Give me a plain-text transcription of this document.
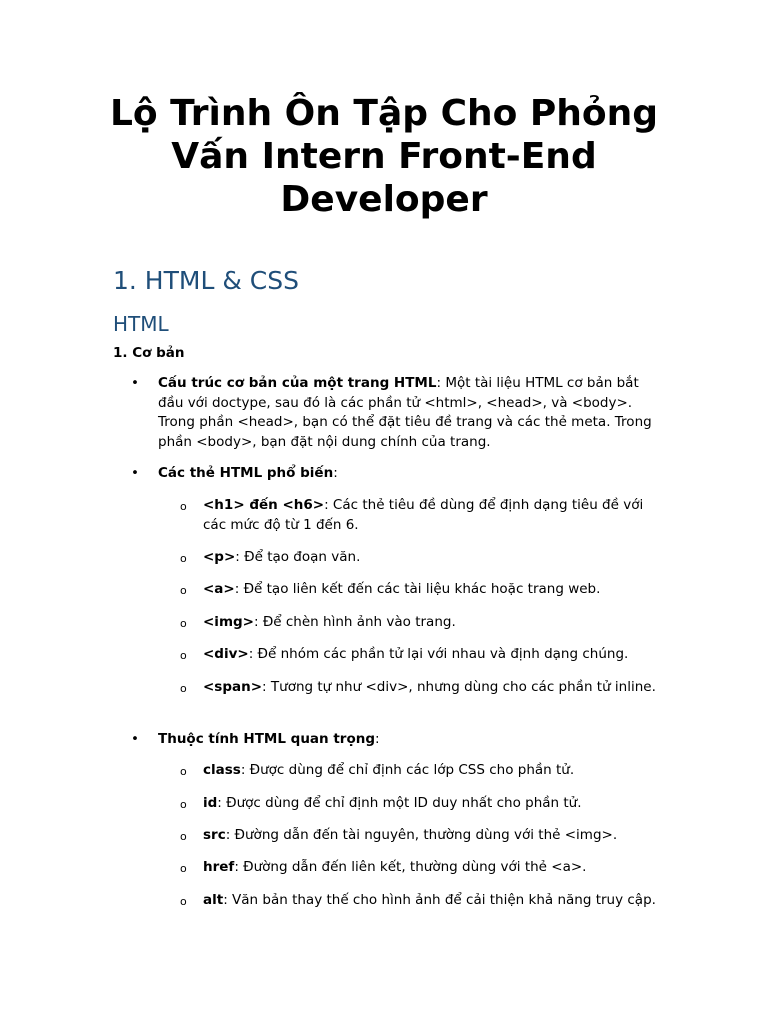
Lộ Trình Ôn Tập Cho Phỏng Vấn Intern Front-End Developer
1. HTML & CSS
HTML
1. Cơ bản
• Cấu trúc cơ bản của một trang HTML: Một tài liệu HTML cơ bản bắt đầu với doctype, sau đó là các phần tử <html>, <head>, và <body>. Trong phần <head>, bạn có thể đặt tiêu đề trang và các thẻ meta. Trong phần <body>, bạn đặt nội dung chính của trang.
• Các thẻ HTML phổ biến:
o <h1> đến <h6>: Các thẻ tiêu đề dùng để định dạng tiêu đề với các mức độ từ 1 đến 6.
o <p>: Để tạo đoạn văn.
o <a>: Để tạo liên kết đến các tài liệu khác hoặc trang web.
o <img>: Để chèn hình ảnh vào trang.
o <div>: Để nhóm các phần tử lại với nhau và định dạng chúng.
o <span>: Tương tự như <div>, nhưng dùng cho các phần tử inline.
• Thuộc tính HTML quan trọng:
o class: Được dùng để chỉ định các lớp CSS cho phần tử.
o id: Được dùng để chỉ định một ID duy nhất cho phần tử.
o src: Đường dẫn đến tài nguyên, thường dùng với thẻ <img>.
o href: Đường dẫn đến liên kết, thường dùng với thẻ <a>.
o alt: Văn bản thay thế cho hình ảnh để cải thiện khả năng truy cập.
